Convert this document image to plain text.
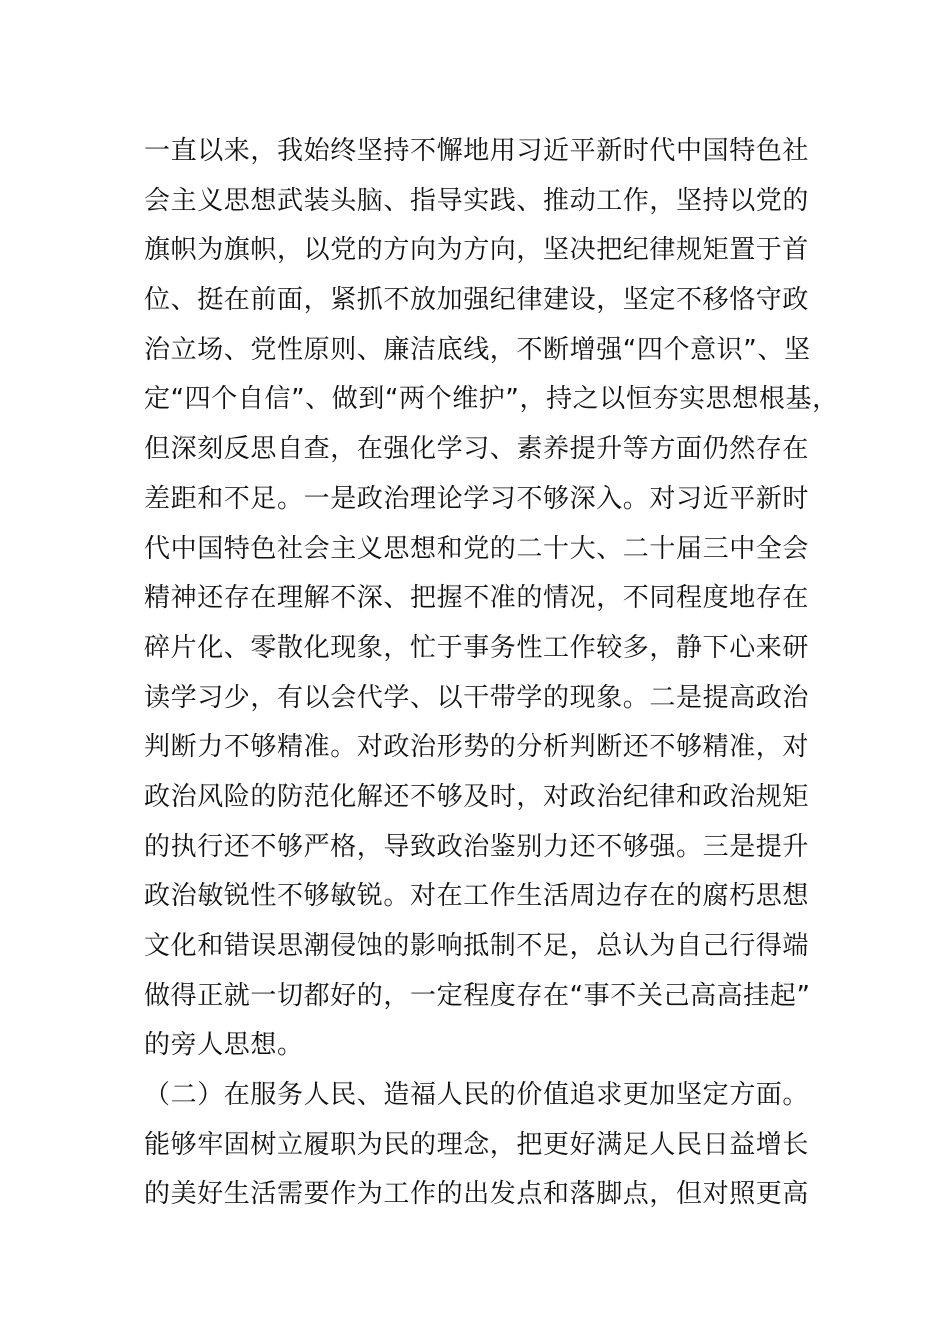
一直以来，我始终坚持不懈地用习近平新时代中国特色社
会主义思想武装头脑、指导实践、推动工作，坚持以党的
旗帜为旗帜，以党的方向为方向，坚决把纪律规矩置于首
位、挺在前面，紧抓不放加强纪律建设，坚定不移恪守政
治立场、党性原则、廉洁底线，不断增强“四个意识”、坚
定“四个自信”、做到“两个维护”，持之以恒夯实思想根基，
但深刻反思自查，在强化学习、素养提升等方面仍然存在
差距和不足。一是政治理论学习不够深入。对习近平新时
代中国特色社会主义思想和党的二十大、二十届三中全会
精神还存在理解不深、把握不准的情况，不同程度地存在
碎片化、零散化现象，忙于事务性工作较多，静下心来研
读学习少，有以会代学、以干带学的现象。二是提高政治
判断力不够精准。对政治形势的分析判断还不够精准，对
政治风险的防范化解还不够及时，对政治纪律和政治规矩
的执行还不够严格，导致政治鉴别力还不够强。三是提升
政治敏锐性不够敏锐。对在工作生活周边存在的腐朽思想
文化和错误思潮侵蚀的影响抵制不足，总认为自己行得端
做得正就一切都好的，一定程度存在“事不关己高高挂起”
的旁人思想。
（二）在服务人民、造福人民的价值追求更加坚定方面。
能够牢固树立履职为民的理念，把更好满足人民日益增长
的美好生活需要作为工作的出发点和落脚点，但对照更高
